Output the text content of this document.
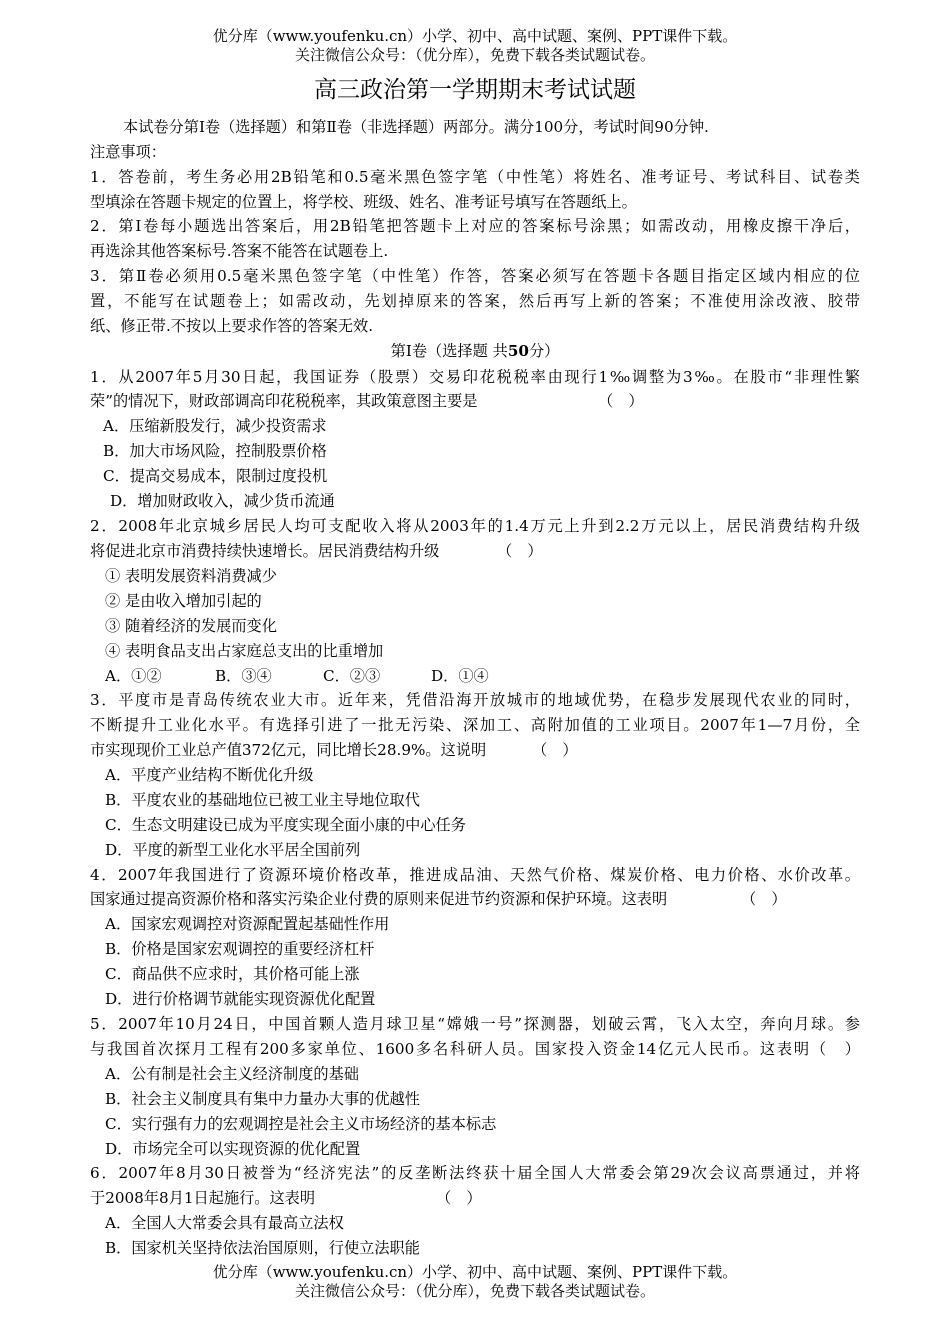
优分库（www.youfenku.cn）小学、初中、高中试题、案例、PPT课件下载。
关注微信公众号：（优分库），免费下载各类试题试卷。
高三政治第一学期期末考试试题
本试卷分第Ⅰ卷（选择题）和第Ⅱ卷（非选择题）两部分。满分100分，考试时间90分钟.
注意事项：
1．答卷前，考生务必用2B铅笔和0.5毫米黑色签字笔（中性笔）将姓名、准考证号、考试科目、试卷类
型填涂在答题卡规定的位置上，将学校、班级、姓名、准考证号填写在答题纸上。
2．第Ⅰ卷每小题选出答案后，用2B铅笔把答题卡上对应的答案标号涂黑；如需改动，用橡皮擦干净后，
再选涂其他答案标号.答案不能答在试题卷上.
3．第Ⅱ卷必须用0.5毫米黑色签字笔（中性笔）作答，答案必须写在答题卡各题目指定区域内相应的位
置，不能写在试题卷上；如需改动，先划掉原来的答案，然后再写上新的答案；不准使用涂改液、胶带
纸、修正带.不按以上要求作答的答案无效.
第Ⅰ卷（选择题 共50分）
1．从2007年5月30日起，我国证券（股票）交易印花税税率由现行1‰调整为3‰。在股市“非理性繁
荣”的情况下，财政部调高印花税税率，其政策意图主要是	（　）
A．压缩新股发行，减少投资需求
B．加大市场风险，控制股票价格
C．提高交易成本，限制过度投机
D．增加财政收入，减少货币流通
2．2008年北京城乡居民人均可支配收入将从2003年的1.4万元上升到2.2万元以上，居民消费结构升级
将促进北京市消费持续快速增长。居民消费结构升级	（　）
① 表明发展资料消费减少
② 是由收入增加引起的
③ 随着经济的发展而变化
④ 表明食品支出占家庭总支出的比重增加
A．①②	B．③④	C．②③	D．①④
3．平度市是青岛传统农业大市。近年来，凭借沿海开放城市的地域优势，在稳步发展现代农业的同时，
不断提升工业化水平。有选择引进了一批无污染、深加工、高附加值的工业项目。2007年1—7月份，全
市实现现价工业总产值372亿元，同比增长28.9%。这说明	（　）
A．平度产业结构不断优化升级
B．平度农业的基础地位已被工业主导地位取代
C．生态文明建设已成为平度实现全面小康的中心任务
D．平度的新型工业化水平居全国前列
4．2007年我国进行了资源环境价格改革，推进成品油、天然气价格、煤炭价格、电力价格、水价改革。
国家通过提高资源价格和落实污染企业付费的原则来促进节约资源和保护环境。这表明	（　）
A．国家宏观调控对资源配置起基础性作用
B．价格是国家宏观调控的重要经济杠杆
C．商品供不应求时，其价格可能上涨
D．进行价格调节就能实现资源优化配置
5．2007年10月24日，中国首颗人造月球卫星“嫦娥一号”探测器，划破云霄，飞入太空，奔向月球。参
与我国首次探月工程有200多家单位、1600多名科研人员。国家投入资金14亿元人民币。这表明（　）
A．公有制是社会主义经济制度的基础
B．社会主义制度具有集中力量办大事的优越性
C．实行强有力的宏观调控是社会主义市场经济的基本标志
D．市场完全可以实现资源的优化配置
6．2007年8月30日被誉为“经济宪法”的反垄断法终获十届全国人大常委会第29次会议高票通过，并将
于2008年8月1日起施行。这表明	（　）
A．全国人大常委会具有最高立法权
B．国家机关坚持依法治国原则，行使立法职能
优分库（www.youfenku.cn）小学、初中、高中试题、案例、PPT课件下载。
关注微信公众号：（优分库），免费下载各类试题试卷。
